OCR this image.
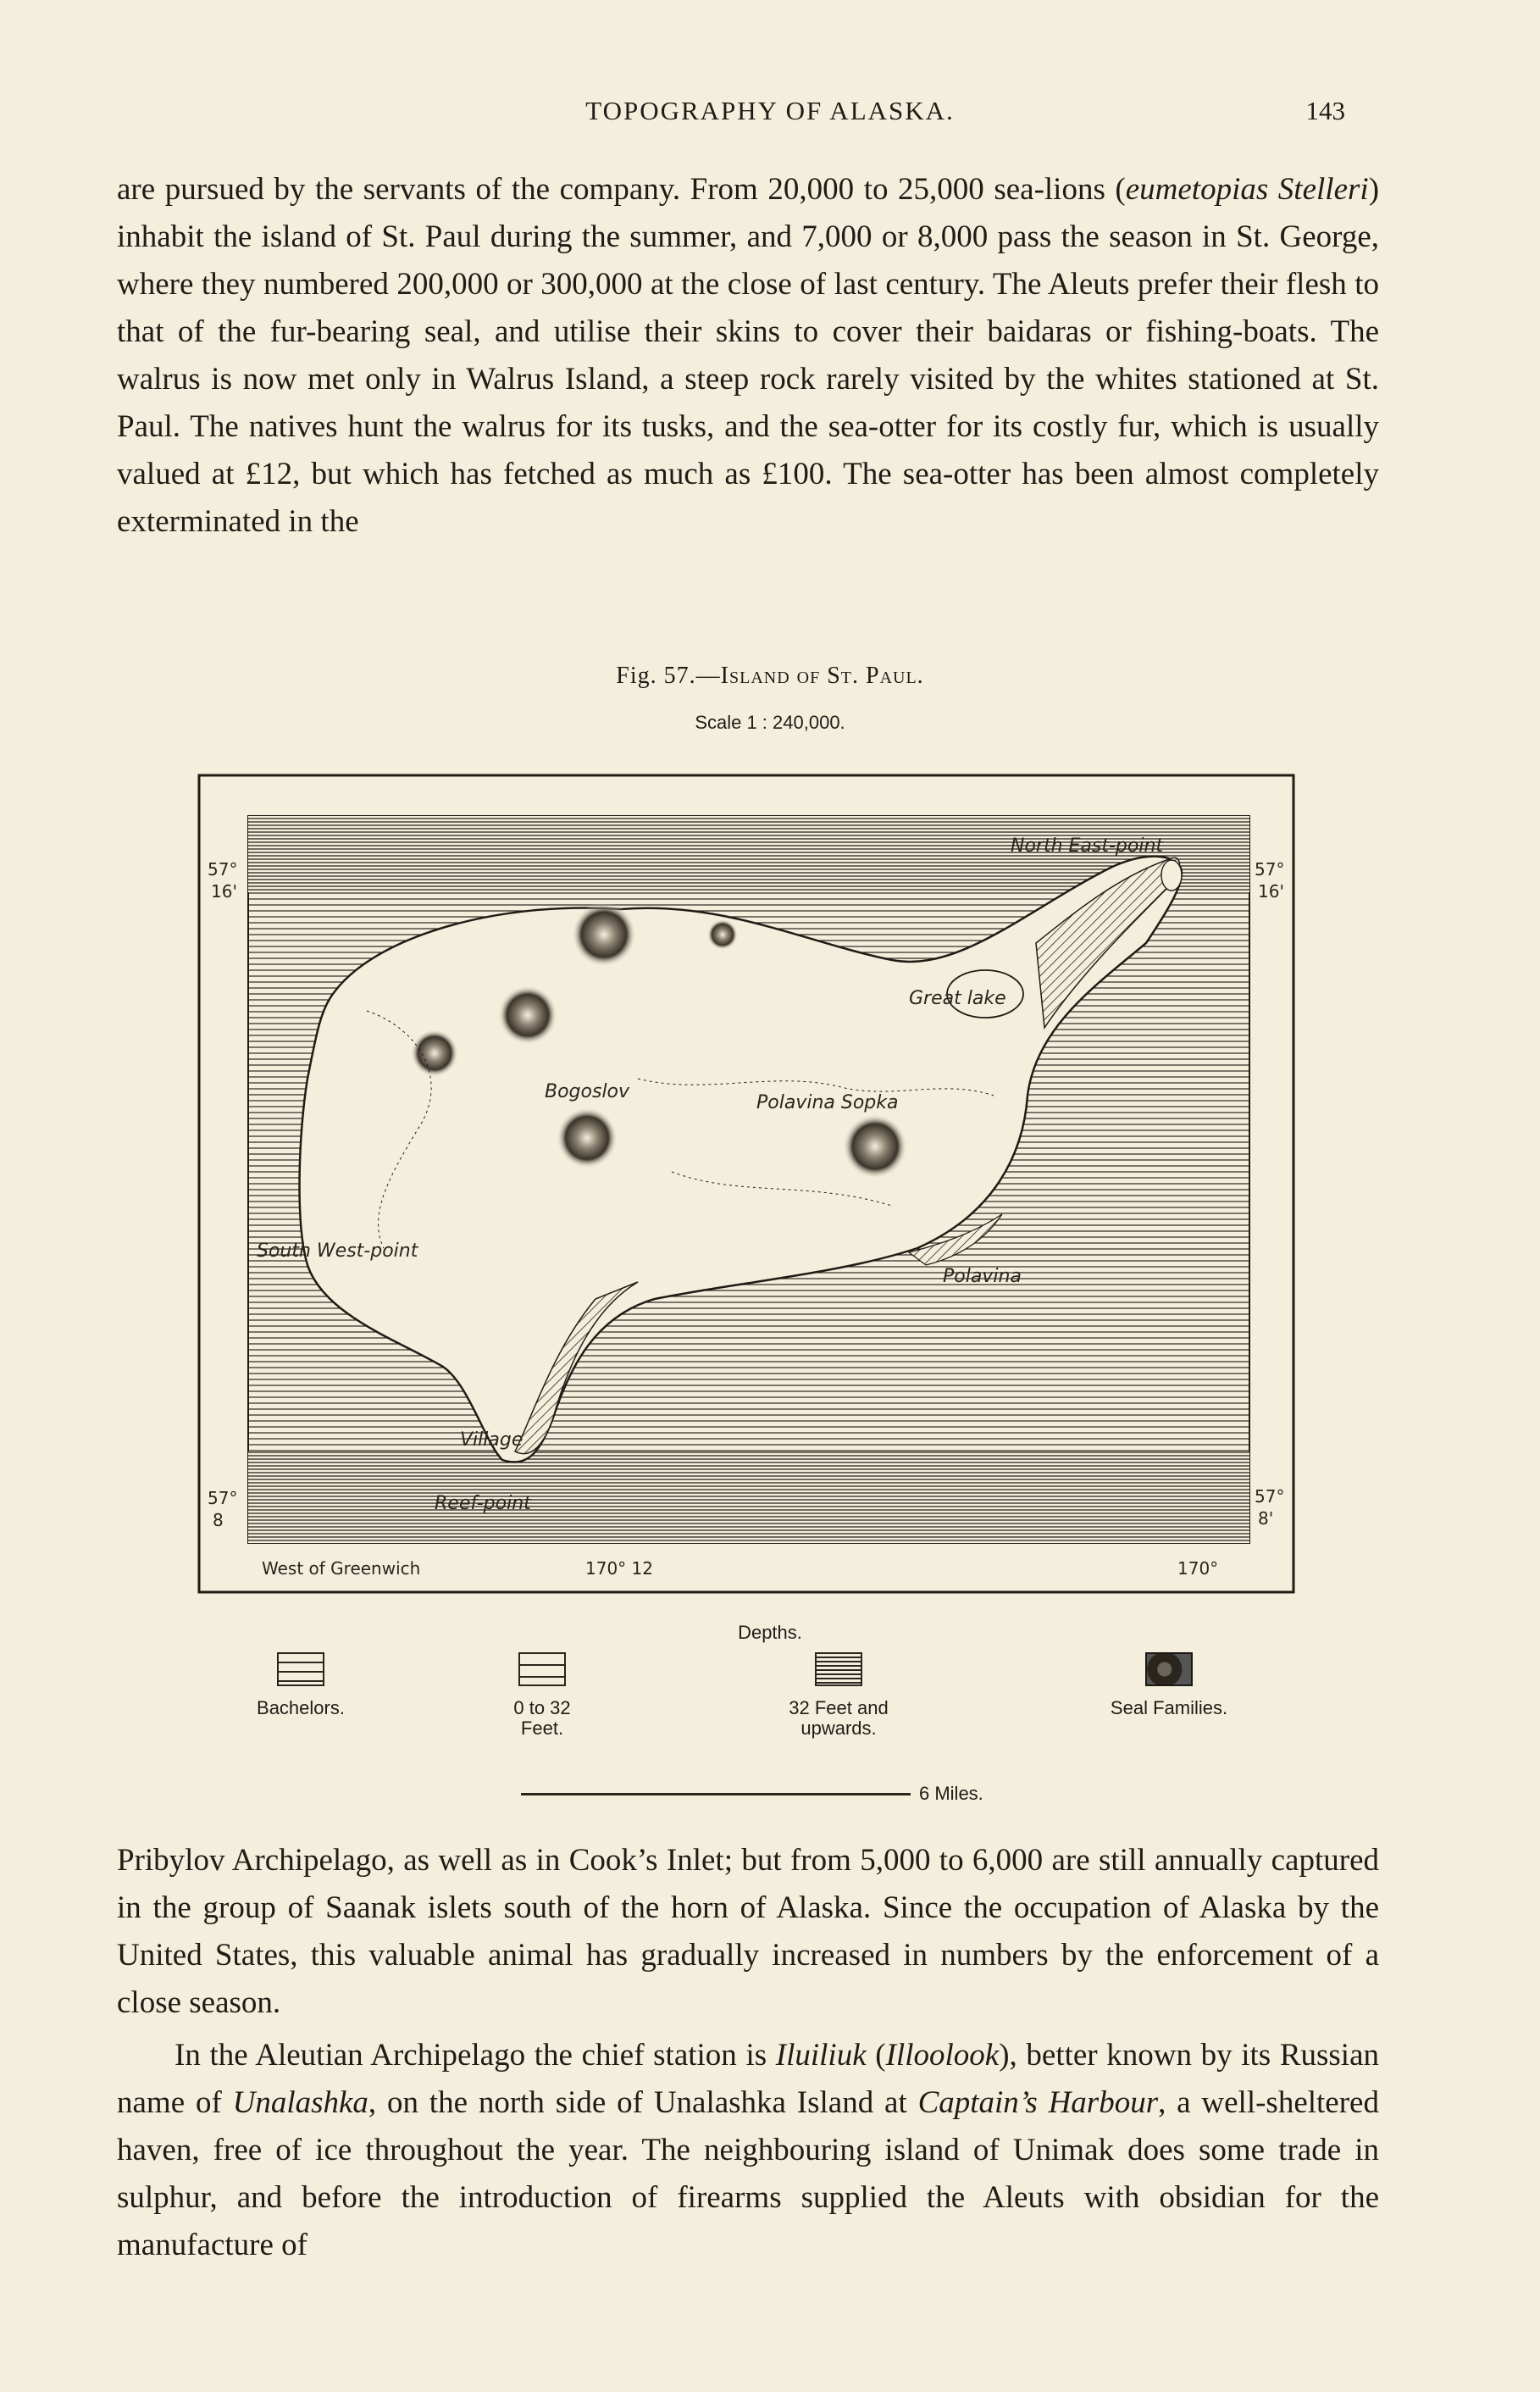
TOPOGRAPHY OF ALASKA.	143

are pursued by the servants of the company. From 20,000 to 25,000 sea-lions (eumetopias Stelleri) inhabit the island of St. Paul during the summer, and 7,000 or 8,000 pass the season in St. George, where they numbered 200,000 or 300,000 at the close of last century. The Aleuts prefer their flesh to that of the fur-bearing seal, and utilise their skins to cover their baidaras or fishing-boats. The walrus is now met only in Walrus Island, a steep rock rarely visited by the whites stationed at St. Paul. The natives hunt the walrus for its tusks, and the sea-otter for its costly fur, which is usually valued at £12, but which has fetched as much as £100. The sea-otter has been almost completely exterminated in the

Fig. 57.—Island of St. Paul.
Scale 1 : 240,000.
North East-point
Great lake
Bogoslov
Polavina Sopka
South West-point
Polavina
Village
Reef-point
57°
16'
57°
16'
57°
8
57°
8'
West of Greenwich	170° 12	170°
Depths.
Bachelors.	0 to 32
Feet.
32 Feet and
upwards.
Seal Families.
6 Miles.

Pribylov Archipelago, as well as in Cook’s Inlet; but from 5,000 to 6,000 are still annually captured in the group of Saanak islets south of the horn of Alaska. Since the occupation of Alaska by the United States, this valuable animal has gradually increased in numbers by the enforcement of a close season.

In the Aleutian Archipelago the chief station is Iluiliuk (Illoolook), better known by its Russian name of Unalashka, on the north side of Unalashka Island at Captain’s Harbour, a well-sheltered haven, free of ice throughout the year. The neighbouring island of Unimak does some trade in sulphur, and before the introduction of firearms supplied the Aleuts with obsidian for the manufacture of
